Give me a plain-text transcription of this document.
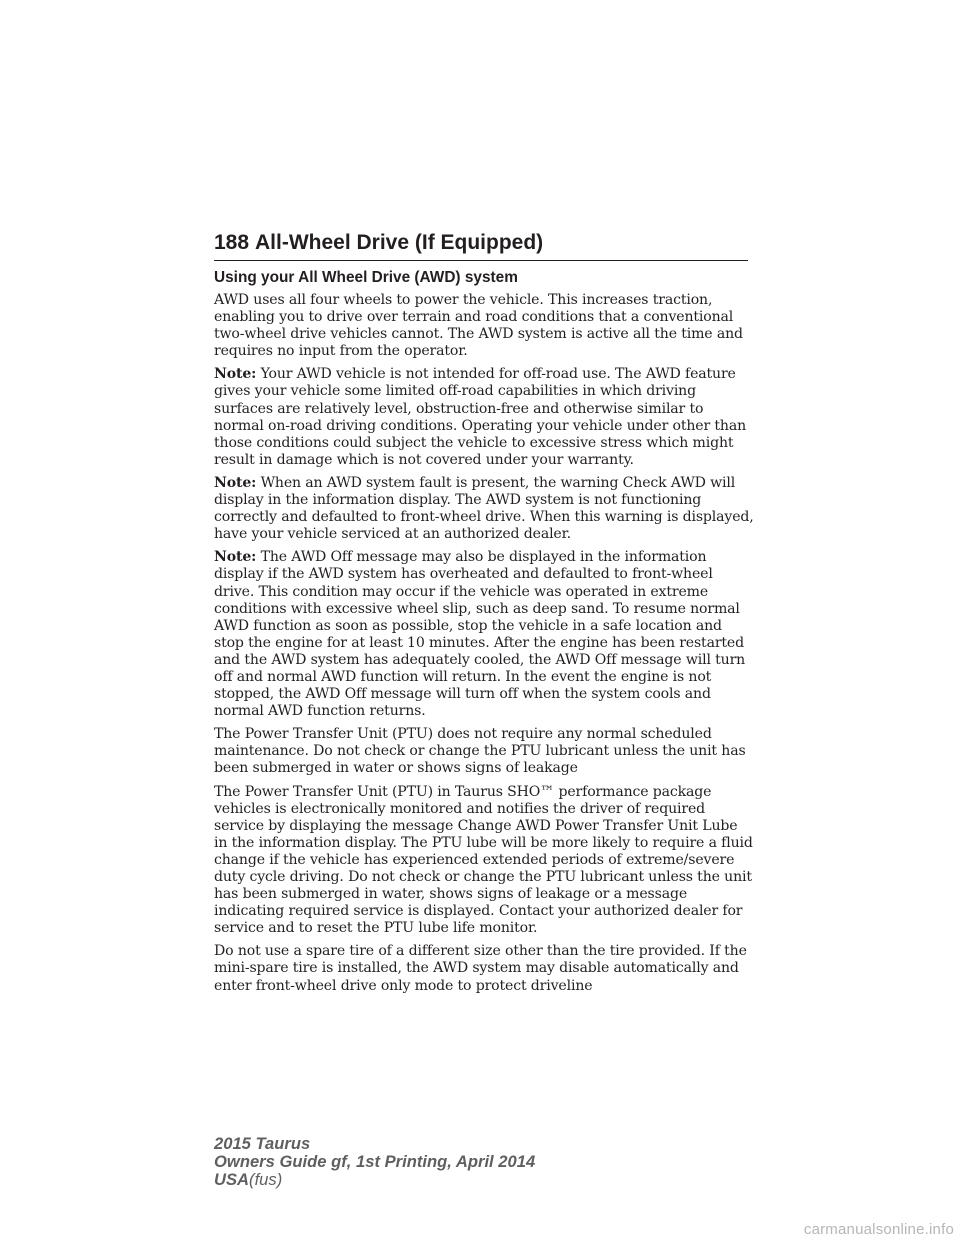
188 All-Wheel Drive (If Equipped)
Using your All Wheel Drive (AWD) system

AWD uses all four wheels to power the vehicle. This increases traction, enabling you to drive over terrain and road conditions that a conventional two-wheel drive vehicles cannot. The AWD system is active all the time and requires no input from the operator.

Note: Your AWD vehicle is not intended for off-road use. The AWD feature gives your vehicle some limited off-road capabilities in which driving surfaces are relatively level, obstruction-free and otherwise similar to normal on-road driving conditions. Operating your vehicle under other than those conditions could subject the vehicle to excessive stress which might result in damage which is not covered under your warranty.

Note: When an AWD system fault is present, the warning Check AWD will display in the information display. The AWD system is not functioning correctly and defaulted to front-wheel drive. When this warning is displayed, have your vehicle serviced at an authorized dealer.

Note: The AWD Off message may also be displayed in the information display if the AWD system has overheated and defaulted to front-wheel drive. This condition may occur if the vehicle was operated in extreme conditions with excessive wheel slip, such as deep sand. To resume normal AWD function as soon as possible, stop the vehicle in a safe location and stop the engine for at least 10 minutes. After the engine has been restarted and the AWD system has adequately cooled, the AWD Off message will turn off and normal AWD function will return. In the event the engine is not stopped, the AWD Off message will turn off when the system cools and normal AWD function returns.

The Power Transfer Unit (PTU) does not require any normal scheduled maintenance. Do not check or change the PTU lubricant unless the unit has been submerged in water or shows signs of leakage

The Power Transfer Unit (PTU) in Taurus SHO™ performance package vehicles is electronically monitored and notifies the driver of required service by displaying the message Change AWD Power Transfer Unit Lube in the information display. The PTU lube will be more likely to require a fluid change if the vehicle has experienced extended periods of extreme/severe duty cycle driving. Do not check or change the PTU lubricant unless the unit has been submerged in water, shows signs of leakage or a message indicating required service is displayed. Contact your authorized dealer for service and to reset the PTU lube life monitor.

Do not use a spare tire of a different size other than the tire provided. If the mini-spare tire is installed, the AWD system may disable automatically and enter front-wheel drive only mode to protect driveline

2015 Taurus
Owners Guide gf, 1st Printing, April 2014
USA(fus)
carmanualsonline.info
